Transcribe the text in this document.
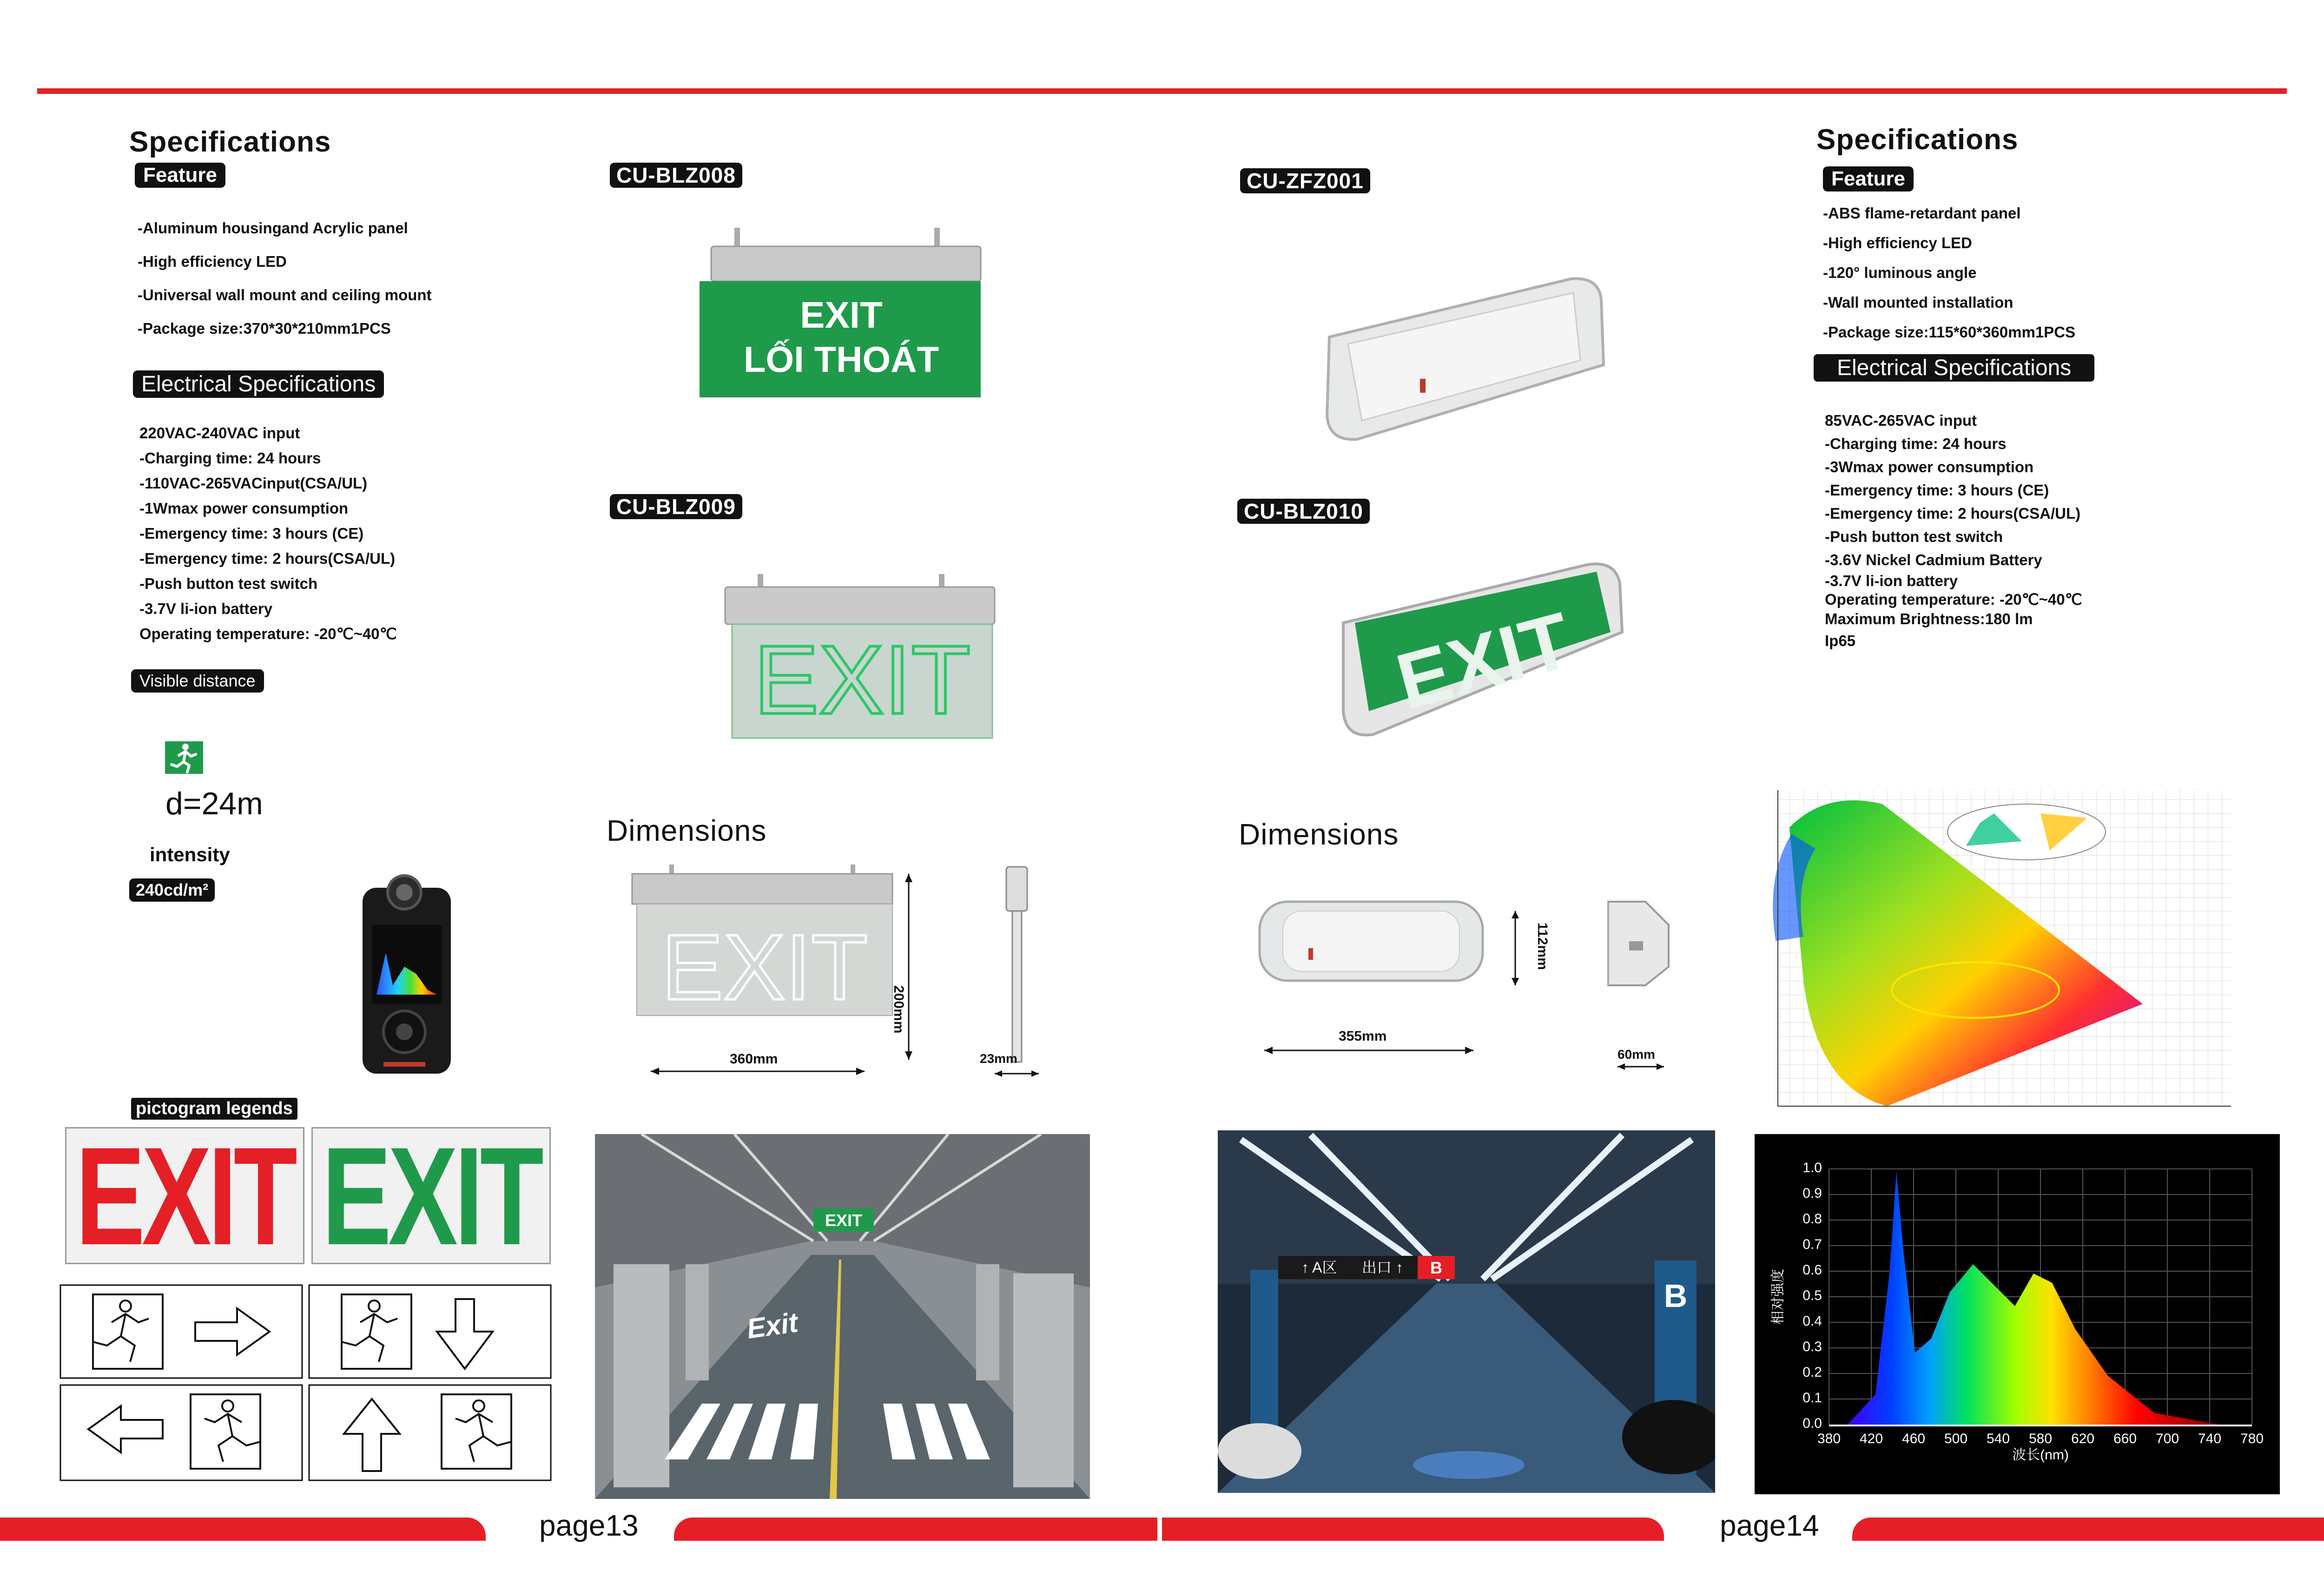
Specifications
Feature
-Aluminum housingand Acrylic panel
-High efficiency LED
-Universal wall mount and ceiling mount
-Package size:370*30*210mm1PCS
Electrical Specifications
220VAC-240VAC input
-Charging time: 24 hours
-110VAC-265VACinput(CSA/UL)
-1Wmax power consumption
-Emergency time: 3 hours (CE)
-Emergency time: 2 hours(CSA/UL)
-Push button test switch
-3.7V li-ion battery
Operating temperature: -20℃~40℃
Visible distance
d=24m
intensity
240cd/m²
pictogram legends
EXIT EXIT
CU-BLZ008
EXIT
LỐI THOÁT
CU-BLZ009
EXIT
Dimensions
EXIT
360mm
200mm
23mm
CU-ZFZ001
CU-BLZ010
EXIT
Dimensions
355mm
112mm
60mm
Specifications
Feature
-ABS flame-retardant panel
-High efficiency LED
-120° luminous angle
-Wall mounted installation
-Package size:115*60*360mm1PCS
Electrical Specifications
85VAC-265VAC input
-Charging time: 24 hours
-3Wmax power consumption
-Emergency time: 3 hours (CE)
-Emergency time: 2 hours(CSA/UL)
-Push button test switch
-3.6V Nickel Cadmium Battery
-3.7V li-ion battery
Operating temperature: -20℃~40℃
Maximum Brightness:180 lm
Ip65
EXIT
Exit
B
↑ A区 出口 ↑ B
0.0
0.1
0.2
0.3
0.4
0.5
0.6
0.7
0.8
0.9
1.0
380 420 460 500 540 580 620 660 700 740 780
波长(nm)
相对强度
page13	page14
